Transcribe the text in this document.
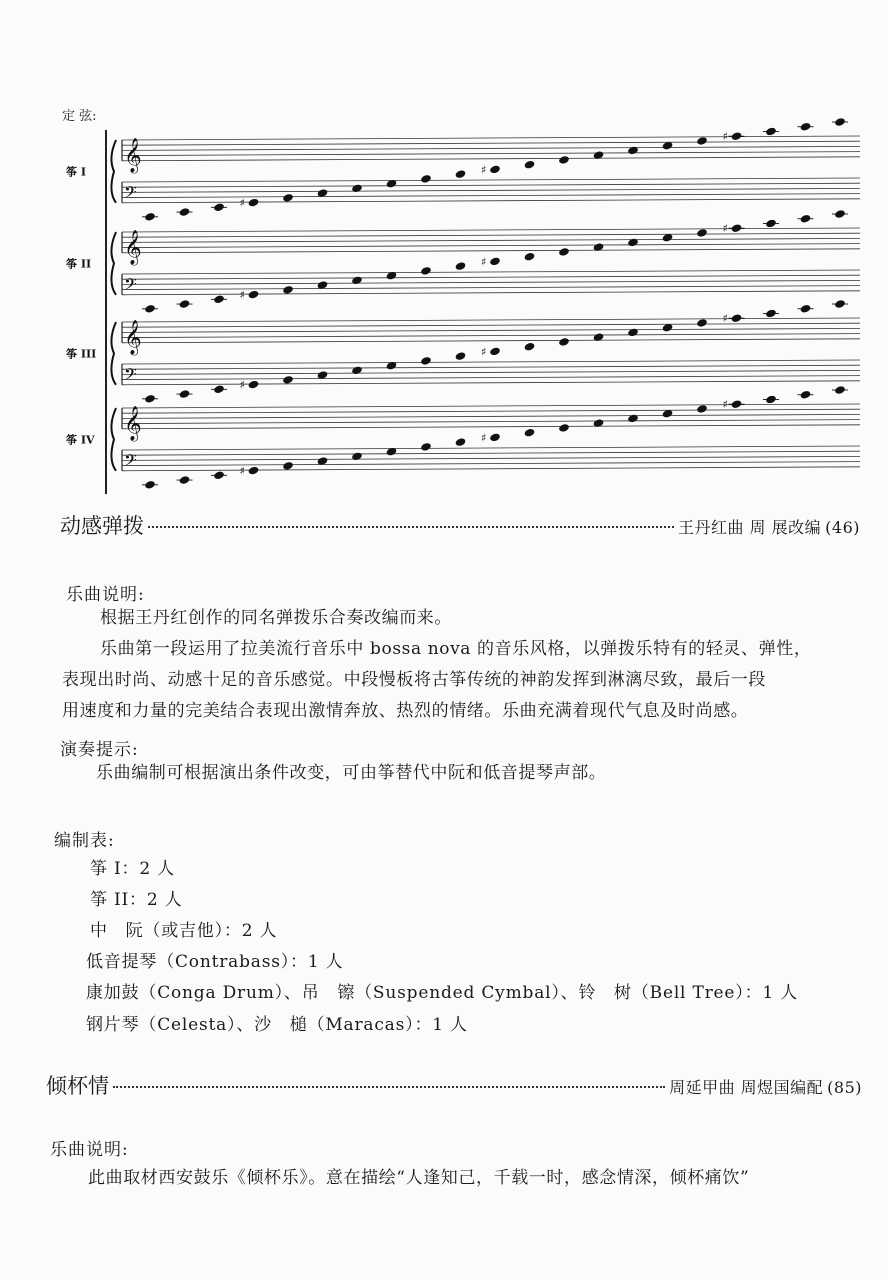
定 弦:
𝄞
𝄢
筝 I
♯
♯
♯
𝄞
𝄢
筝 II
♯
♯
♯
𝄞
𝄢
筝 III
♯
♯
♯
𝄞
𝄢
筝 IV
♯
♯
♯
动感弹拨	王丹红曲 周 展改编 (46)
乐曲说明:
根据王丹红创作的同名弹拨乐合奏改编而来。
乐曲第一段运用了拉美流行音乐中 bossa nova 的音乐风格，以弹拨乐特有的轻灵、弹性，
表现出时尚、动感十足的音乐感觉。中段慢板将古筝传统的神韵发挥到淋漓尽致，最后一段
用速度和力量的完美结合表现出激情奔放、热烈的情绪。乐曲充满着现代气息及时尚感。
演奏提示:
乐曲编制可根据演出条件改变，可由筝替代中阮和低音提琴声部。
编制表:
筝 I：2 人
筝 II：2 人
中　阮（或吉他）：2 人
低音提琴（Contrabass）：1 人
康加鼓（Conga Drum）、吊　镲（Suspended Cymbal）、铃　树（Bell Tree）：1 人
钢片琴（Celesta）、沙　槌（Maracas）：1 人
倾杯情	周延甲曲 周煜国编配 (85)
乐曲说明:
此曲取材西安鼓乐《倾杯乐》。意在描绘“人逢知己，千载一时，感念情深，倾杯痛饮”
